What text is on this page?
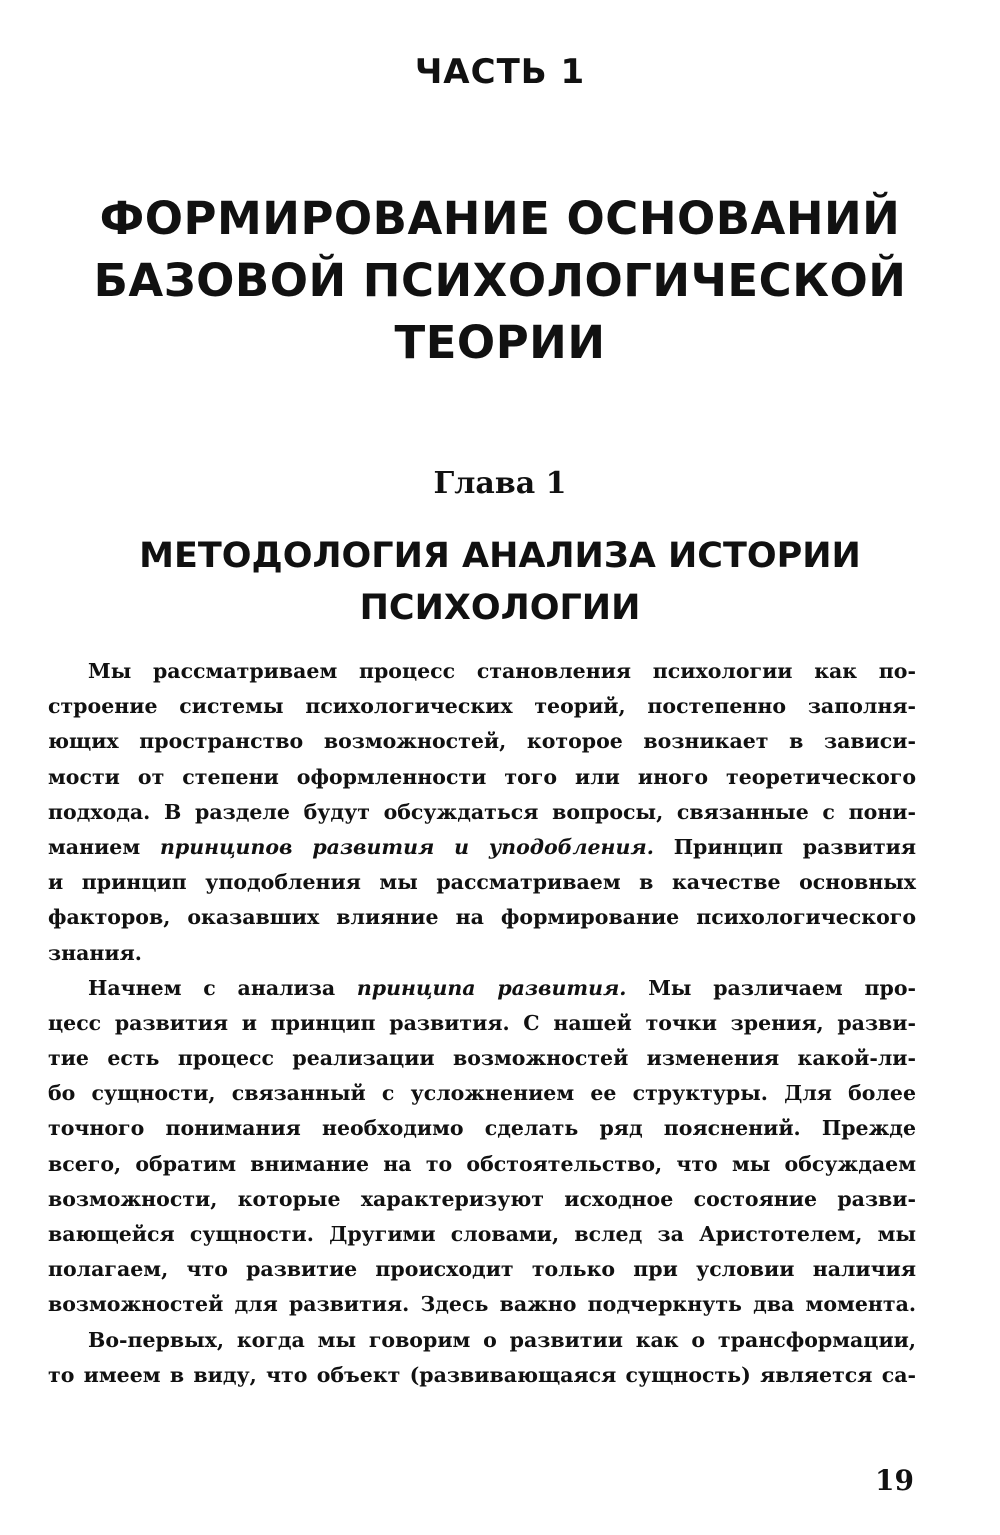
ЧАСТЬ 1
ФОРМИРОВАНИЕ ОСНОВАНИЙ
БАЗОВОЙ ПСИХОЛОГИЧЕСКОЙ
ТЕОРИИ
Глава 1
МЕТОДОЛОГИЯ АНАЛИЗА ИСТОРИИ
ПСИХОЛОГИИ
Мы рассматриваем процесс становления психологии как по-
строение системы психологических теорий, постепенно заполня-
ющих пространство возможностей, которое возникает в зависи-
мости от степени оформленности того или иного теоретического
подхода. В разделе будут обсуждаться вопросы, связанные с пони-
манием принципов развития и уподобления. Принцип развития
и принцип уподобления мы рассматриваем в качестве основных
факторов, оказавших влияние на формирование психологического
знания.
Начнем с анализа принципа развития. Мы различаем про-
цесс развития и принцип развития. С нашей точки зрения, разви-
тие есть процесс реализации возможностей изменения какой-ли-
бо сущности, связанный с усложнением ее структуры. Для более
точного понимания необходимо сделать ряд пояснений. Прежде
всего, обратим внимание на то обстоятельство, что мы обсуждаем
возможности, которые характеризуют исходное состояние разви-
вающейся сущности. Другими словами, вслед за Аристотелем, мы
полагаем, что развитие происходит только при условии наличия
возможностей для развития. Здесь важно подчеркнуть два момента.
Во-первых, когда мы говорим о развитии как о трансформации,
то имеем в виду, что объект (развивающаяся сущность) является са-
19
